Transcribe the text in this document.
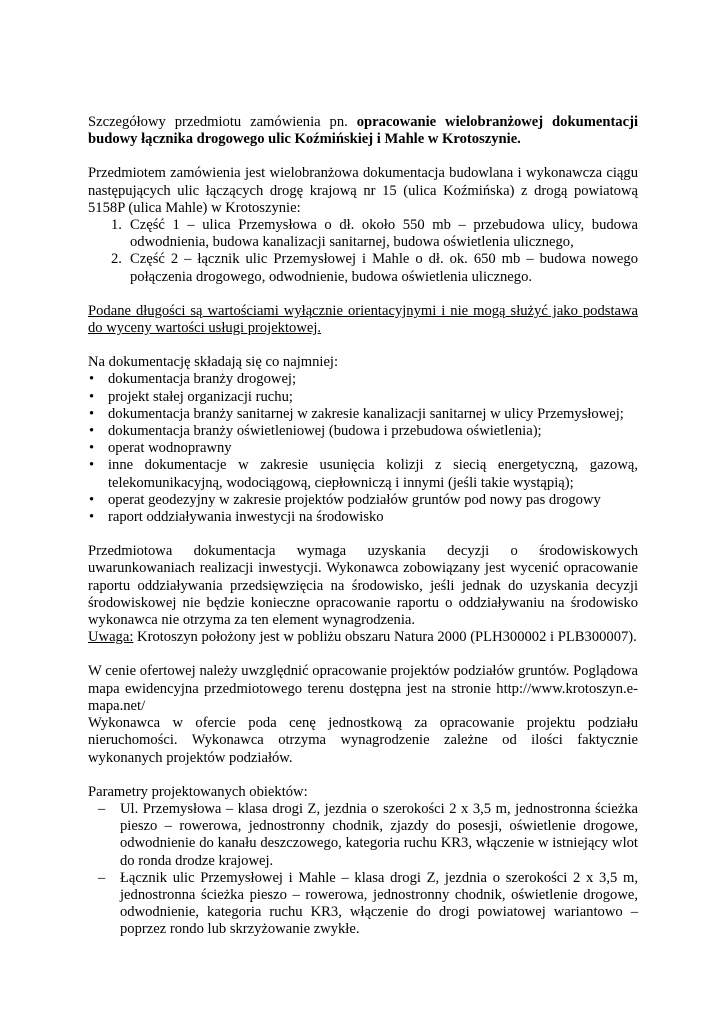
Szczegółowy przedmiotu zamówienia pn. opracowanie wielobranżowej dokumentacji budowy łącznika drogowego ulic Koźmińskiej i Mahle w Krotoszynie.

Przedmiotem zamówienia jest wielobranżowa dokumentacja budowlana i wykonawcza ciągu następujących ulic łączących drogę krajową nr 15 (ulica Koźmińska) z drogą powiatową 5158P (ulica Mahle) w Krotoszynie:

1. Część 1 – ulica Przemysłowa o dł. około 550 mb – przebudowa ulicy, budowa odwodnienia, budowa kanalizacji sanitarnej, budowa oświetlenia ulicznego,
2. Część 2 – łącznik ulic Przemysłowej i Mahle o dł. ok. 650 mb – budowa nowego połączenia drogowego, odwodnienie, budowa oświetlenia ulicznego.

Podane długości są wartościami wyłącznie orientacyjnymi i nie mogą służyć jako podstawa do wyceny wartości usługi projektowej.

Na dokumentację składają się co najmniej:

• dokumentacja branży drogowej;
• projekt stałej organizacji ruchu;
• dokumentacja branży sanitarnej w zakresie kanalizacji sanitarnej w ulicy Przemysłowej;
• dokumentacja branży oświetleniowej (budowa i przebudowa oświetlenia);
• operat wodnoprawny
• inne dokumentacje w zakresie usunięcia kolizji z siecią energetyczną, gazową, telekomunikacyjną, wodociągową, ciepłowniczą i innymi (jeśli takie wystąpią);
• operat geodezyjny w zakresie projektów podziałów gruntów pod nowy pas drogowy
• raport oddziaływania inwestycji na środowisko

Przedmiotowa dokumentacja wymaga uzyskania decyzji o środowiskowych uwarunkowaniach realizacji inwestycji. Wykonawca zobowiązany jest wycenić opracowanie raportu oddziaływania przedsięwzięcia na środowisko, jeśli jednak do uzyskania decyzji środowiskowej nie będzie konieczne opracowanie raportu o oddziaływaniu na środowisko wykonawca nie otrzyma za ten element wynagrodzenia.

Uwaga: Krotoszyn położony jest w pobliżu obszaru Natura 2000 (PLH300002 i PLB300007).

W cenie ofertowej należy uwzględnić opracowanie projektów podziałów gruntów. Poglądowa mapa ewidencyjna przedmiotowego terenu dostępna jest na stronie http://www.krotoszyn.e-mapa.net/

Wykonawca w ofercie poda cenę jednostkową za opracowanie projektu podziału nieruchomości. Wykonawca otrzyma wynagrodzenie zależne od ilości faktycznie wykonanych projektów podziałów.

Parametry projektowanych obiektów:

– Ul. Przemysłowa – klasa drogi Z, jezdnia o szerokości 2 x 3,5 m, jednostronna ścieżka pieszo – rowerowa, jednostronny chodnik, zjazdy do posesji, oświetlenie drogowe, odwodnienie do kanału deszczowego, kategoria ruchu KR3, włączenie w istniejący wlot do ronda drodze krajowej.
– Łącznik ulic Przemysłowej i Mahle – klasa drogi Z, jezdnia o szerokości 2 x 3,5 m, jednostronna ścieżka pieszo – rowerowa, jednostronny chodnik, oświetlenie drogowe, odwodnienie, kategoria ruchu KR3, włączenie do drogi powiatowej wariantowo – poprzez rondo lub skrzyżowanie zwykłe.
